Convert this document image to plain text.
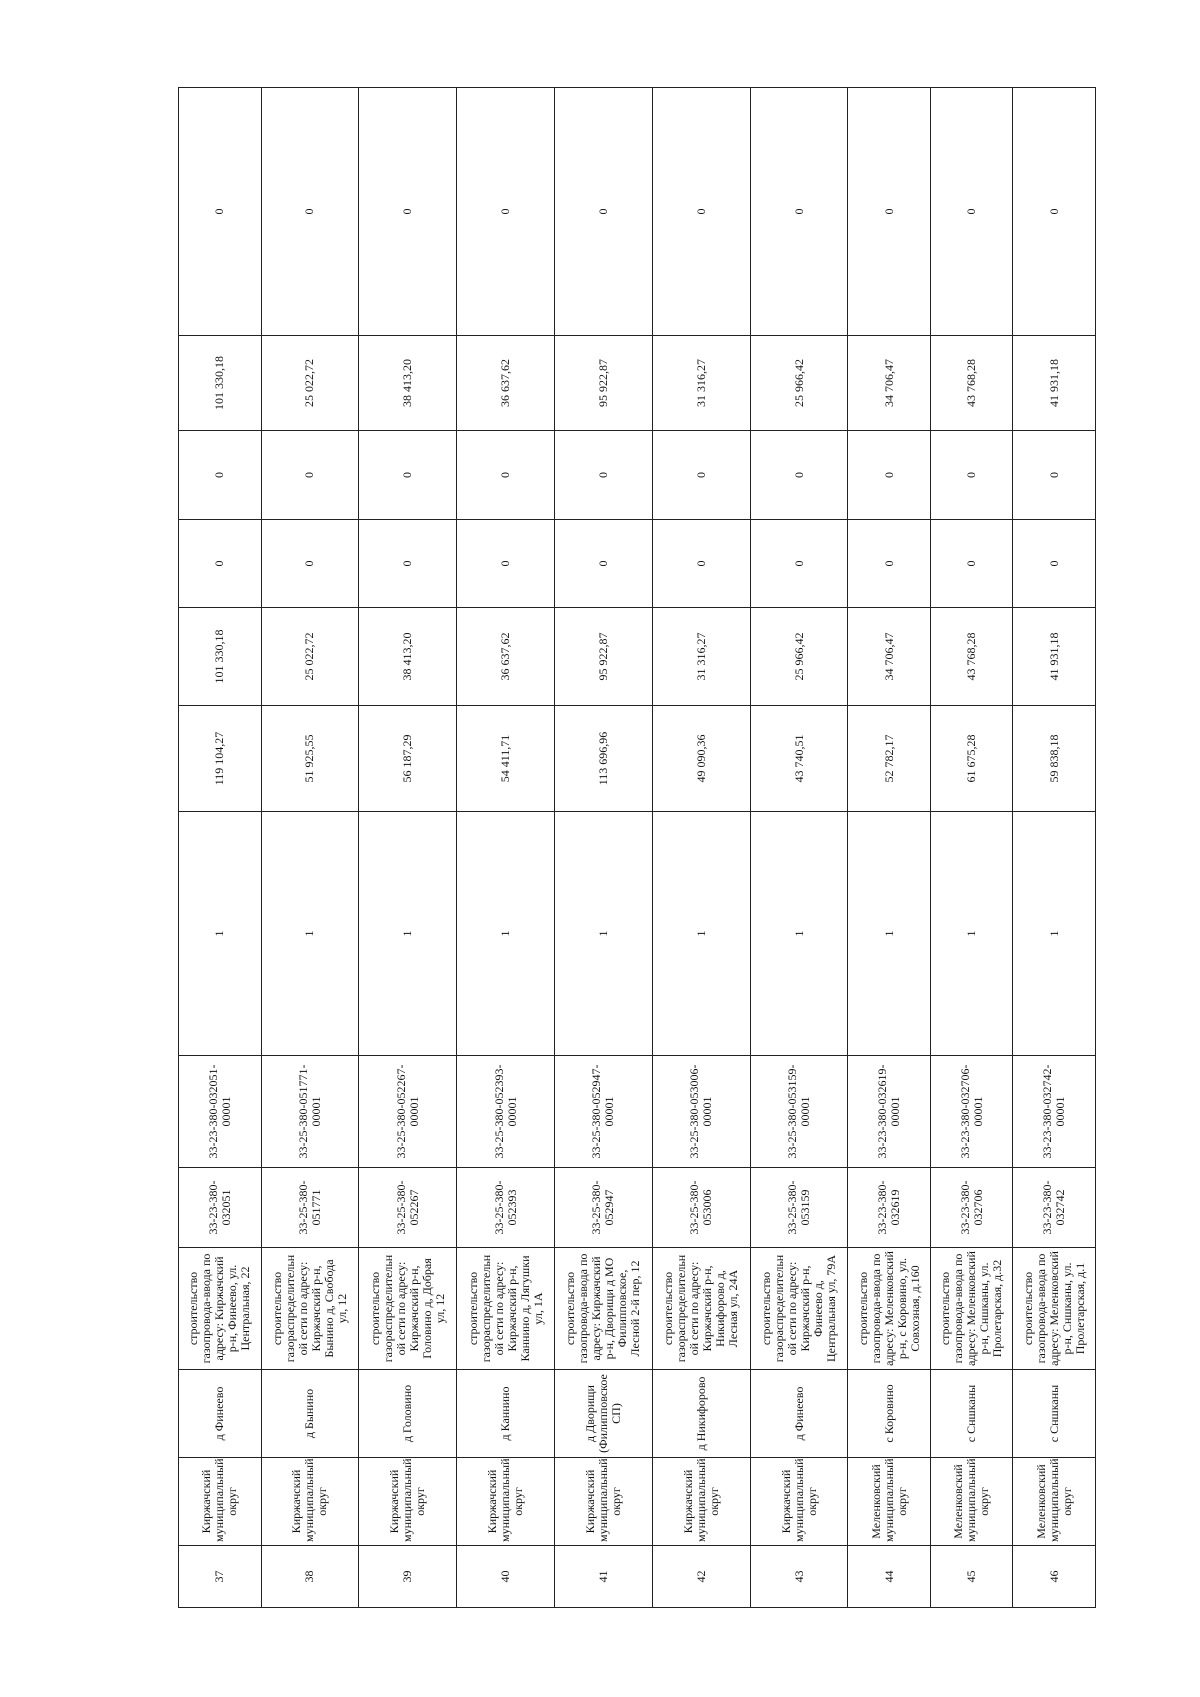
37	Киржачский муниципальный округ	д Финеево	строительство газопровода-ввода по адресу: Киржачский р-н, Финеево, ул. Центральная, 22	33-23-380-032051	33-23-380-032051-00001	1	119 104,27	101 330,18	0	0	101 330,18	0
38	Киржачский муниципальный округ	д Бынино	строительство газораспределительн ой сети по адресу: Киржачский р-н, Бынино д, Свобода ул, 12	33-25-380-051771	33-25-380-051771-00001	1	51 925,55	25 022,72	0	0	25 022,72	0
39	Киржачский муниципальный округ	д Головино	строительство газораспределительн ой сети по адресу: Киржачский р-н, Головино д, Добрая ул, 12	33-25-380-052267	33-25-380-052267-00001	1	56 187,29	38 413,20	0	0	38 413,20	0
40	Киржачский муниципальный округ	д Каннино	строительство газораспределительн ой сети по адресу: Киржачский р-н, Каннино д, Лягушки ул, 1А	33-25-380-052393	33-25-380-052393-00001	1	54 411,71	36 637,62	0	0	36 637,62	0
41	Киржачский муниципальный округ	д Дворищи (Филипповское СП)	строительство газопровода-ввода по адресу: Киржачский р-н, Дворищи д МО Филипповское, Лесной 2-й пер, 12	33-25-380-052947	33-25-380-052947-00001	1	113 696,96	95 922,87	0	0	95 922,87	0
42	Киржачский муниципальный округ	д Никифорово	строительство газораспределительн ой сети по адресу: Киржачский р-н, Никифорово д, Лесная ул, 24А	33-25-380-053006	33-25-380-053006-00001	1	49 090,36	31 316,27	0	0	31 316,27	0
43	Киржачский муниципальный округ	д Финеево	строительство газораспределительн ой сети по адресу: Киржачский р-н, Финеево д, Центральная ул, 79А	33-25-380-053159	33-25-380-053159-00001	1	43 740,51	25 966,42	0	0	25 966,42	0
44	Меленковский муниципальный округ	с Коровино	строительство газопровода-ввода по адресу: Меленковский р-н, с Коровино, ул. Совхозная, д.160	33-23-380-032619	33-23-380-032619-00001	1	52 782,17	34 706,47	0	0	34 706,47	0
45	Меленковский муниципальный округ	с Сншканы	строительство газопровода-ввода по адресу: Меленковский р-н, Сншканы, ул. Пролетарская, д.32	33-23-380-032706	33-23-380-032706-00001	1	61 675,28	43 768,28	0	0	43 768,28	0
46	Меленковский муниципальный округ	с Сншканы	строительство газопровода-ввода по адресу: Меленковский р-н, Сншканы, ул. Пролетарская, д.1	33-23-380-032742	33-23-380-032742-00001	1	59 838,18	41 931,18	0	0	41 931,18	0
